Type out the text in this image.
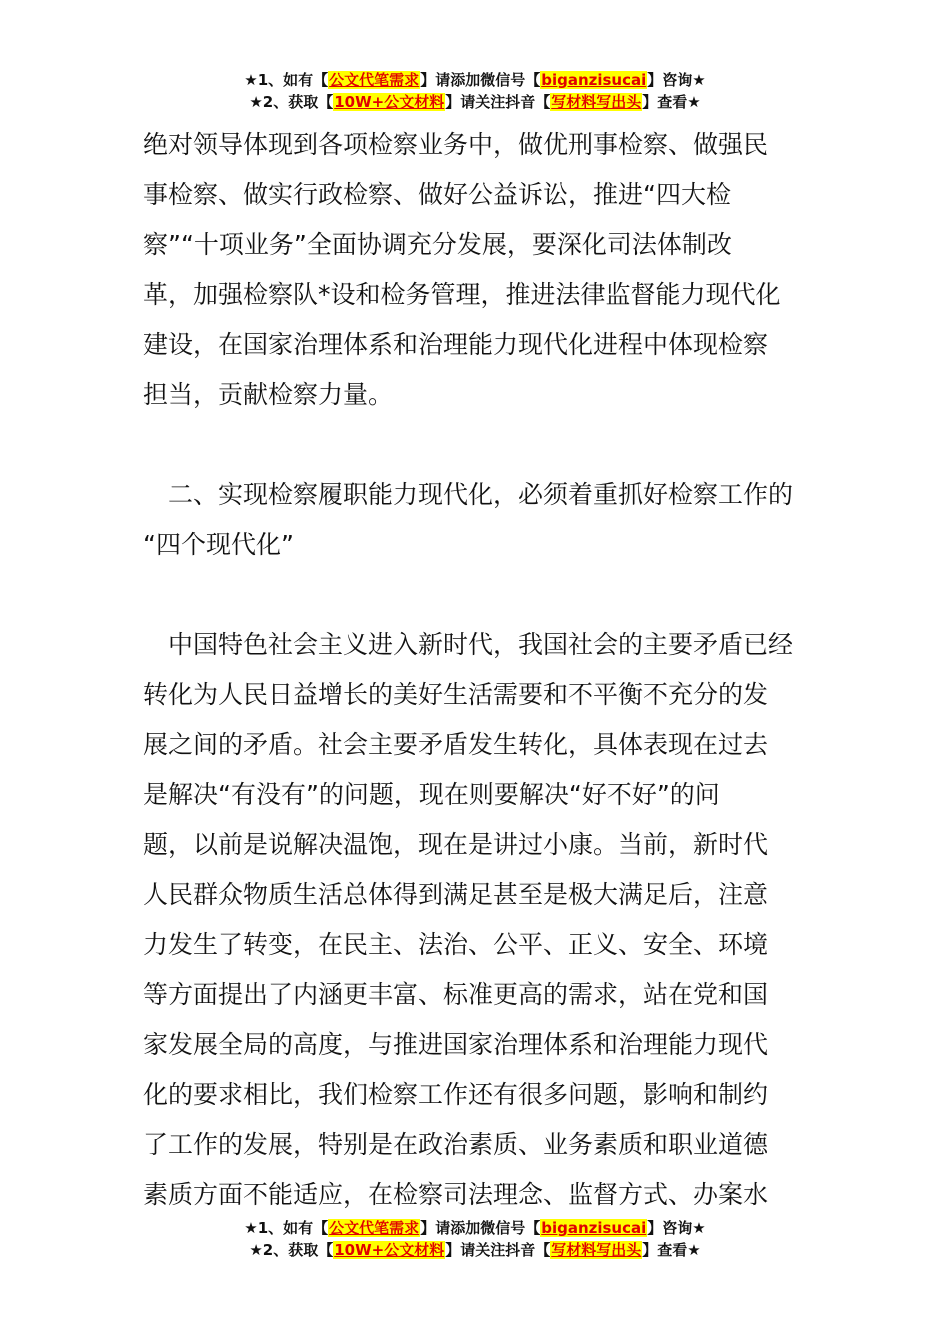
★1、如有【公文代笔需求】请添加微信号【biganzisucai】咨询★
★2、获取【10W+公文材料】请关注抖音【写材料写出头】查看★

绝对领导体现到各项检察业务中，做优刑事检察、做强民

事检察、做实行政检察、做好公益诉讼，推进“四大检

察”“十项业务”全面协调充分发展，要深化司法体制改

革，加强检察队*设和检务管理，推进法律监督能力现代化

建设，在国家治理体系和治理能力现代化进程中体现检察

担当，贡献检察力量。

二、实现检察履职能力现代化，必须着重抓好检察工作的

“四个现代化”

中国特色社会主义进入新时代，我国社会的主要矛盾已经

转化为人民日益增长的美好生活需要和不平衡不充分的发

展之间的矛盾。社会主要矛盾发生转化，具体表现在过去

是解决“有没有”的问题，现在则要解决“好不好”的问

题，以前是说解决温饱，现在是讲过小康。当前，新时代

人民群众物质生活总体得到满足甚至是极大满足后，注意

力发生了转变，在民主、法治、公平、正义、安全、环境

等方面提出了内涵更丰富、标准更高的需求，站在党和国

家发展全局的高度，与推进国家治理体系和治理能力现代

化的要求相比，我们检察工作还有很多问题，影响和制约

了工作的发展，特别是在政治素质、业务素质和职业道德

素质方面不能适应，在检察司法理念、监督方式、办案水

★1、如有【公文代笔需求】请添加微信号【biganzisucai】咨询★
★2、获取【10W+公文材料】请关注抖音【写材料写出头】查看★
